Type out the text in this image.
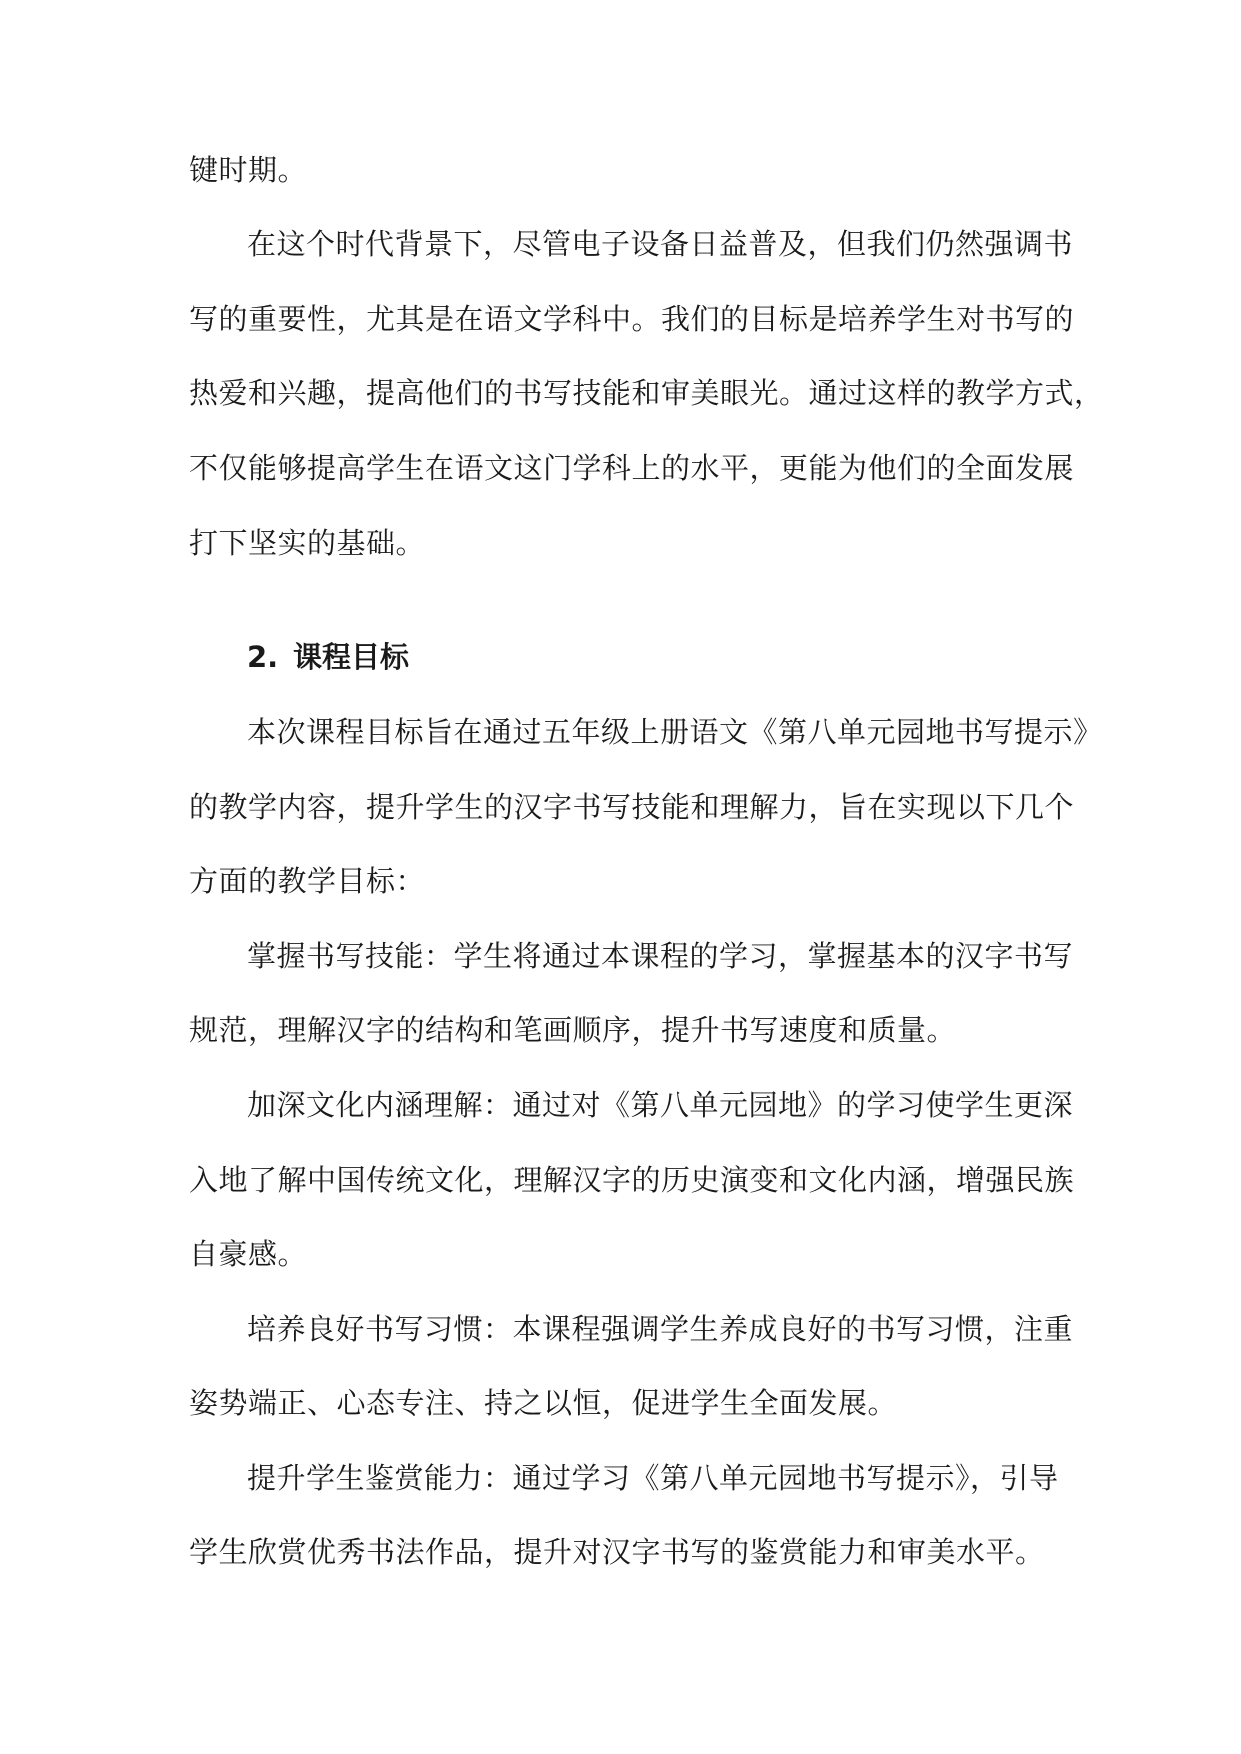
键时期。
在这个时代背景下，尽管电子设备日益普及，但我们仍然强调书
写的重要性，尤其是在语文学科中。我们的目标是培养学生对书写的
热爱和兴趣，提高他们的书写技能和审美眼光。通过这样的教学方式，
不仅能够提高学生在语文这门学科上的水平，更能为他们的全面发展
打下坚实的基础。
2. 课程目标
本次课程目标旨在通过五年级上册语文《第八单元园地书写提示》
的教学内容，提升学生的汉字书写技能和理解力，旨在实现以下几个
方面的教学目标：
掌握书写技能：学生将通过本课程的学习，掌握基本的汉字书写
规范，理解汉字的结构和笔画顺序，提升书写速度和质量。
加深文化内涵理解：通过对《第八单元园地》的学习使学生更深
入地了解中国传统文化，理解汉字的历史演变和文化内涵，增强民族
自豪感。
培养良好书写习惯：本课程强调学生养成良好的书写习惯，注重
姿势端正、心态专注、持之以恒，促进学生全面发展。
提升学生鉴赏能力：通过学习《第八单元园地书写提示》，引导
学生欣赏优秀书法作品，提升对汉字书写的鉴赏能力和审美水平。
